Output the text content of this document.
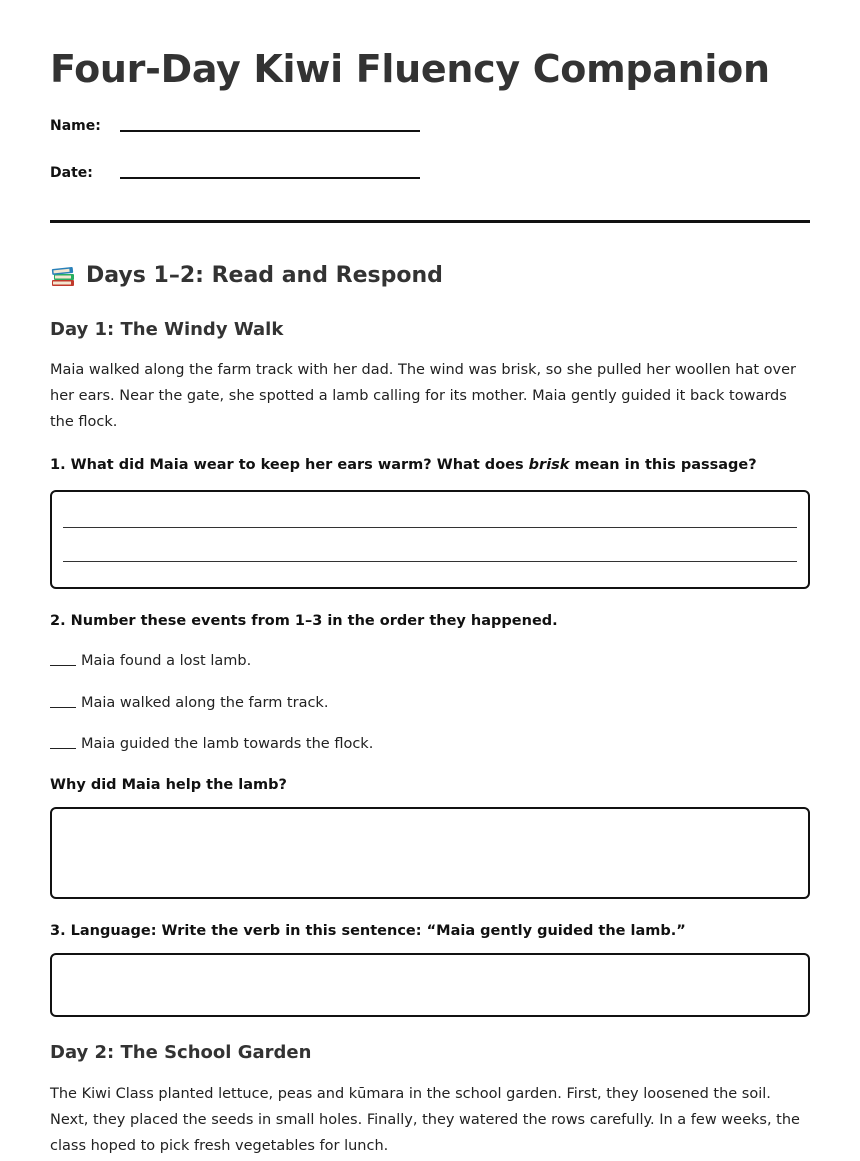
Four-Day Kiwi Fluency Companion
Name:
Date:
Days 1–2: Read and Respond
Day 1: The Windy Walk

Maia walked along the farm track with her dad. The wind was brisk, so she pulled her woollen hat over her ears. Near the gate, she spotted a lamb calling for its mother. Maia gently guided it back towards the flock.

1. What did Maia wear to keep her ears warm? What does brisk mean in this passage?

2. Number these events from 1–3 in the order they happened.

Maia found a lost lamb.
Maia walked along the farm track.
Maia guided the lamb towards the flock.

Why did Maia help the lamb?

3. Language: Write the verb in this sentence: “Maia gently guided the lamb.”

Day 2: The School Garden

The Kiwi Class planted lettuce, peas and kūmara in the school garden. First, they loosened the soil. Next, they placed the seeds in small holes. Finally, they watered the rows carefully. In a few weeks, the class hoped to pick fresh vegetables for lunch.
